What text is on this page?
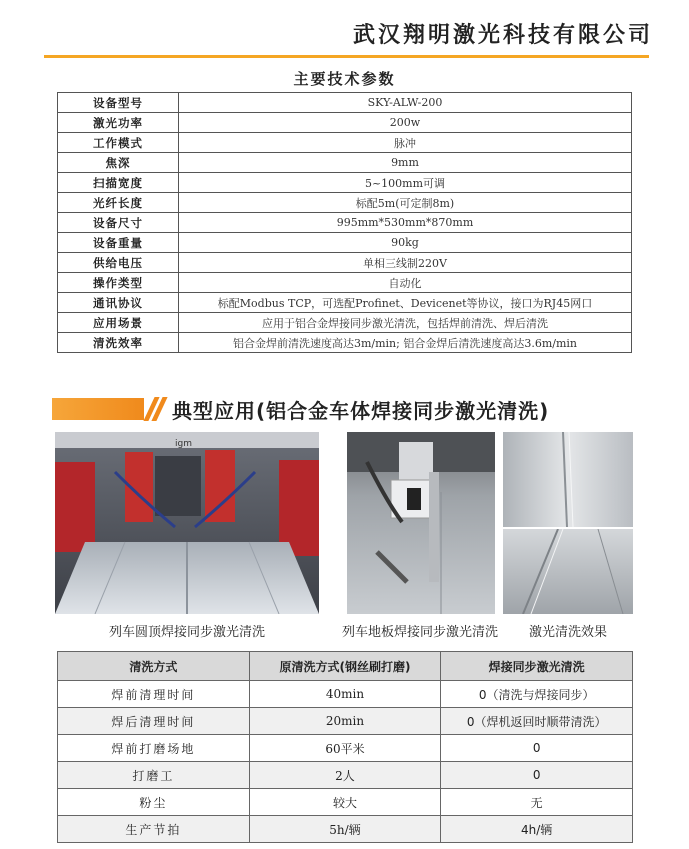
武汉翔明激光科技有限公司
主要技术参数
设备型号	SKY-ALW-200
激光功率	200w
工作模式	脉冲
焦深	9mm
扫描宽度	5~100mm可调
光纤长度	标配5m(可定制8m)
设备尺寸	995mm*530mm*870mm
设备重量	90kg
供给电压	单相三线制220V
操作类型	自动化
通讯协议	标配Modbus TCP，可选配Profinet、Devicenet等协议，接口为RJ45网口
应用场景	应用于铝合金焊接同步激光清洗，包括焊前清洗、焊后清洗
清洗效率	铝合金焊前清洗速度高达3m/min; 铝合金焊后清洗速度高达3.6m/min
典型应用(铝合金车体焊接同步激光清洗)
igm
列车圆顶焊接同步激光清洗	列车地板焊接同步激光清洗	激光清洗效果
清洗方式	原清洗方式(钢丝刷打磨)	焊接同步激光清洗
焊前清理时间	40min	0（清洗与焊接同步）
焊后清理时间	20min	0（焊机返回时顺带清洗）
焊前打磨场地	60平米	0
打磨工	2人	0
粉尘	较大	无
生产节拍	5h/辆	4h/辆
